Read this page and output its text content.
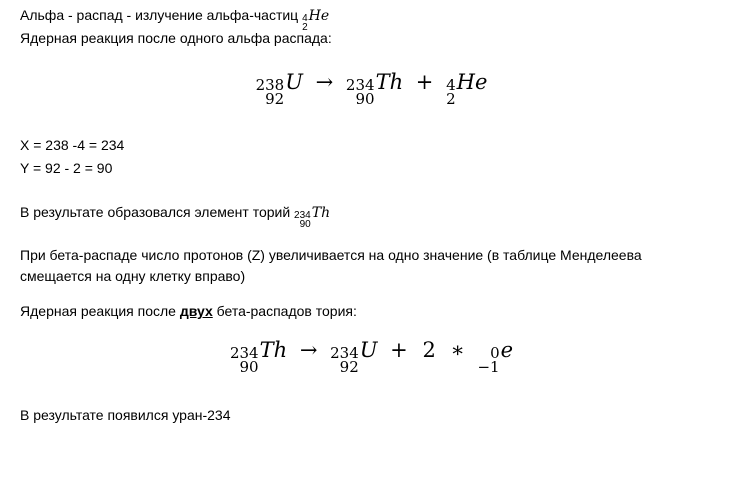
Альфа - распад - излучение альфа-частиц 4
2
He
Ядерная реакция после одного альфа распада:
238
92
U → 234
90
Th + 4
2
He
X = 238 -4 = 234
Y = 92 - 2 = 90
В результате образовался элемент торий 234
90
Th
При бета-распаде число протонов (Z) увеличивается на одно значение (в таблице Менделеева
смещается на одну клетку вправо)
Ядерная реакция после двух бета-распадов тория:
234
90
Th → 234
92
U + 2 ∗ 0
−1
e
В результате появился уран-234
